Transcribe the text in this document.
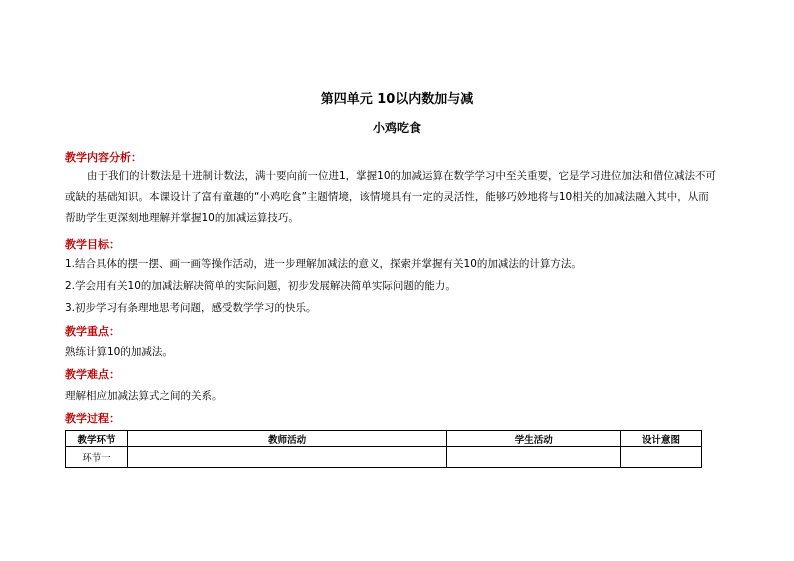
第四单元 10以内数加与减
小鸡吃食
教学内容分析：
由于我们的计数法是十进制计数法，满十要向前一位进1，掌握10的加减运算在数学学习中至关重要，它是学习进位加法和借位减法不可或缺的基础知识。本课设计了富有童趣的“小鸡吃食”主题情境，该情境具有一定的灵活性，能够巧妙地将与10相关的加减法融入其中，从而帮助学生更深刻地理解并掌握10的加减运算技巧。
教学目标：
1.结合具体的摆一摆、画一画等操作活动，进一步理解加减法的意义，探索并掌握有关10的加减法的计算方法。
2.学会用有关10的加减法解决简单的实际问题，初步发展解决简单实际问题的能力。
3.初步学习有条理地思考问题，感受数学学习的快乐。
教学重点：
熟练计算10的加减法。
教学难点：
理解相应加减法算式之间的关系。
教学过程：
教学环节	教师活动	学生活动	设计意图
环节一			
